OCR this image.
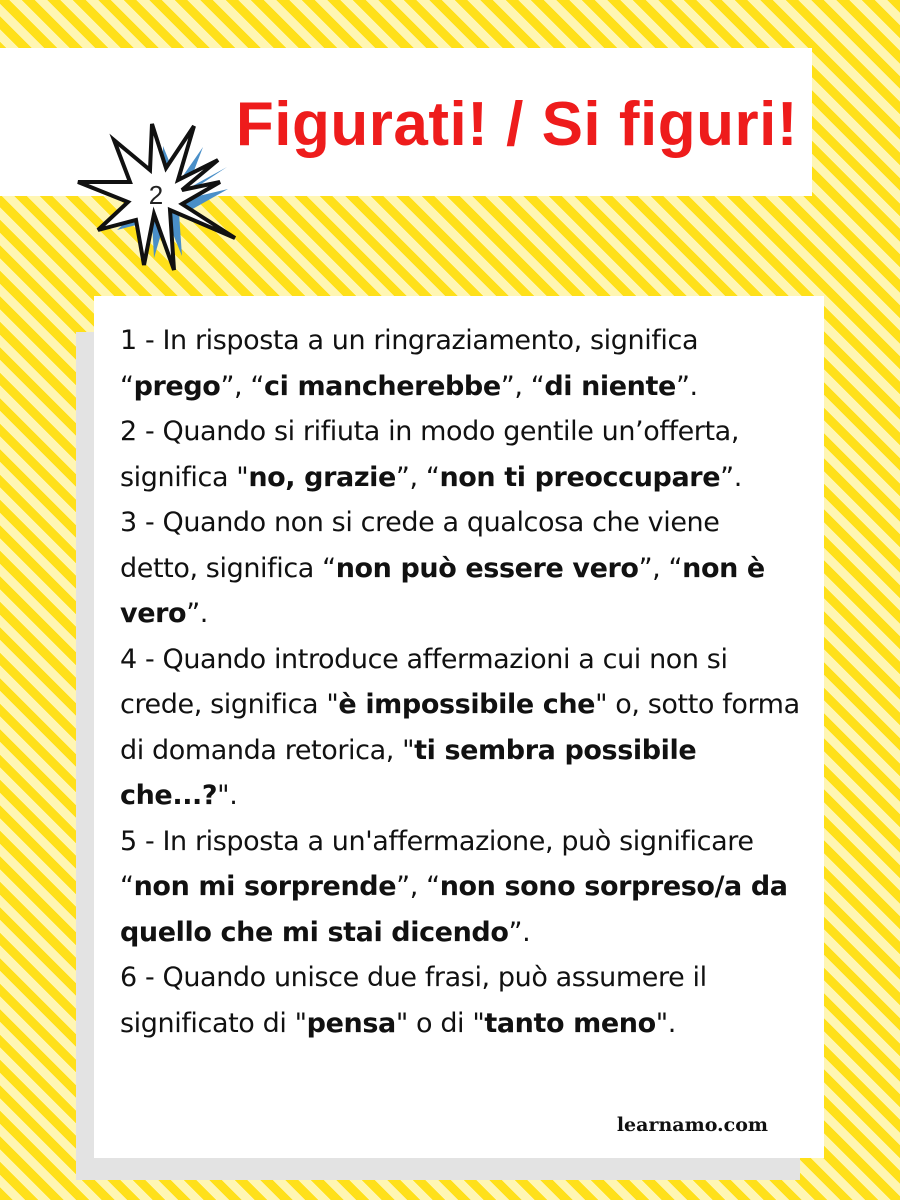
Figurati! / Si figuri!
2

1 - In risposta a un ringraziamento, significa “prego”, “ci mancherebbe”, “di niente”.

2 - Quando si rifiuta in modo gentile un’offerta, significa "no, grazie”, “non ti preoccupare”.

3 - Quando non si crede a qualcosa che viene detto, significa “non può essere vero”, “non è vero”.

4 - Quando introduce affermazioni a cui non si crede, significa "è impossibile che" o, sotto forma di domanda retorica, "ti sembra possibile che...?".

5 - In risposta a un'affermazione, può significare “non mi sorprende”, “non sono sorpreso/a da quello che mi stai dicendo”.

6 - Quando unisce due frasi, può assumere il significato di "pensa" o di "tanto meno".

learnamo.com
